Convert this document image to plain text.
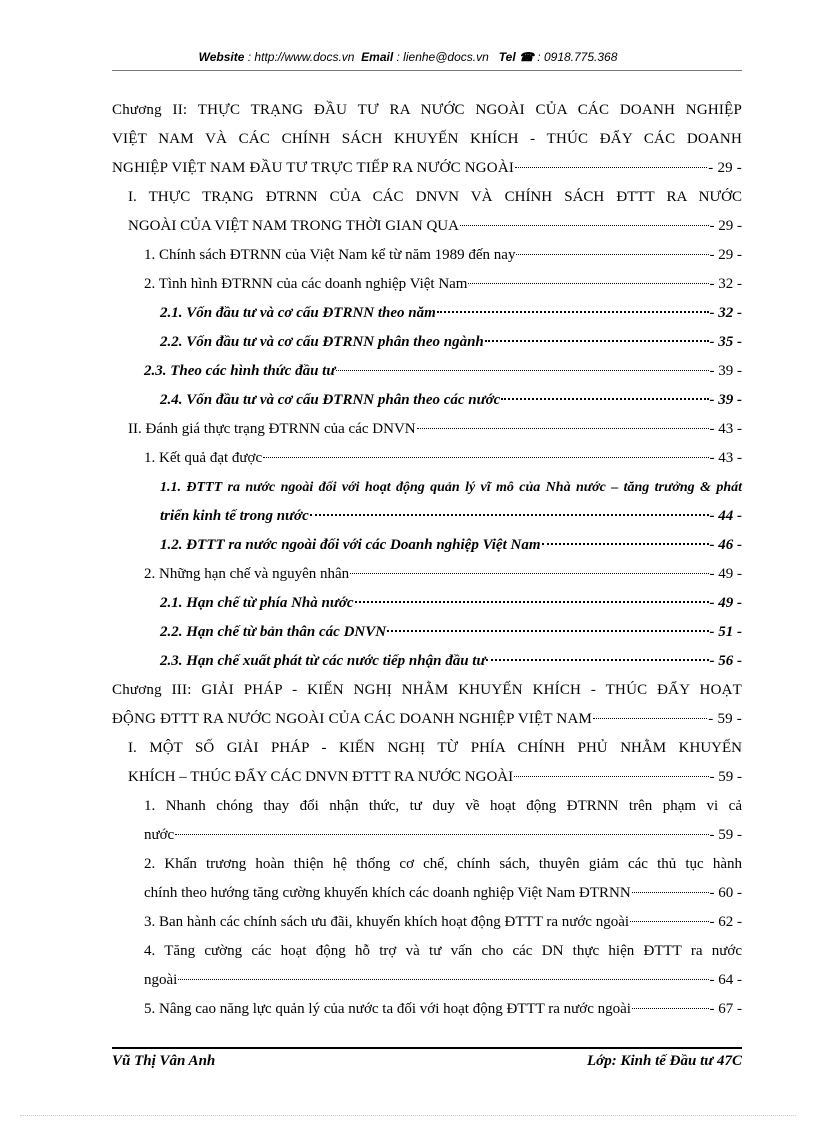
Website : http://www.docs.vn Email : lienhe@docs.vn Tel ☎ : 0918.775.368
Chương II: THỰC TRẠNG ĐẦU TƯ RA NƯỚC NGOÀI CỦA CÁC DOANH NGHIỆP
VIỆT NAM VÀ CÁC CHÍNH SÁCH KHUYẾN KHÍCH - THÚC ĐẨY CÁC DOANH
NGHIỆP VIỆT NAM ĐẦU TƯ TRỰC TIẾP RA NƯỚC NGOÀI	- 29 -
I. THỰC TRẠNG ĐTRNN CỦA CÁC DNVN VÀ CHÍNH SÁCH ĐTTT RA NƯỚC
NGOÀI CỦA VIỆT NAM TRONG THỜI GIAN QUA	- 29 -
1. Chính sách ĐTRNN của Việt Nam kể từ năm 1989 đến nay	- 29 -
2. Tình hình ĐTRNN của các doanh nghiệp Việt Nam	- 32 -
2.1. Vốn đầu tư và cơ cấu ĐTRNN theo năm	- 32 -
2.2. Vốn đầu tư và cơ cấu ĐTRNN phân theo ngành	- 35 -
2.3. Theo các hình thức đầu tư	- 39 -
2.4. Vốn đầu tư và cơ cấu ĐTRNN phân theo các nước	- 39 -
II. Đánh giá thực trạng ĐTRNN của các DNVN	- 43 -
1. Kết quả đạt được	- 43 -
1.1. ĐTTT ra nước ngoài đối với hoạt động quản lý vĩ mô của Nhà nước – tăng trưởng & phát
triển kinh tế trong nước	- 44 -
1.2. ĐTTT ra nước ngoài đối với các Doanh nghiệp Việt Nam	- 46 -
2. Những hạn chế và nguyên nhân	- 49 -
2.1. Hạn chế từ phía Nhà nước	- 49 -
2.2. Hạn chế từ bản thân các DNVN	- 51 -
2.3. Hạn chế xuất phát từ các nước tiếp nhận đầu tư	- 56 -
Chương III: GIẢI PHÁP - KIẾN NGHỊ NHẰM KHUYẾN KHÍCH - THÚC ĐẨY HOẠT
ĐỘNG ĐTTT RA NƯỚC NGOÀI CỦA CÁC DOANH NGHIỆP VIỆT NAM	- 59 -
I. MỘT SỐ GIẢI PHÁP - KIẾN NGHỊ TỪ PHÍA CHÍNH PHỦ NHẰM KHUYẾN
KHÍCH – THÚC ĐẨY CÁC DNVN ĐTTT RA NƯỚC NGOÀI	- 59 -
1. Nhanh chóng thay đổi nhận thức, tư duy về hoạt động ĐTRNN trên phạm vi cả
nước	- 59 -
2. Khẩn trương hoàn thiện hệ thống cơ chế, chính sách, thuyên giảm các thủ tục hành
chính theo hướng tăng cường khuyến khích các doanh nghiệp Việt Nam ĐTRNN	- 60 -
3. Ban hành các chính sách ưu đãi, khuyến khích hoạt động ĐTTT ra nước ngoài	- 62 -
4. Tăng cường các hoạt động hỗ trợ và tư vấn cho các DN thực hiện ĐTTT ra nước
ngoài	- 64 -
5. Nâng cao năng lực quản lý của nước ta đối với hoạt động ĐTTT ra nước ngoài	- 67 -
Vũ Thị Vân Anh	Lớp: Kinh tế Đầu tư 47C
